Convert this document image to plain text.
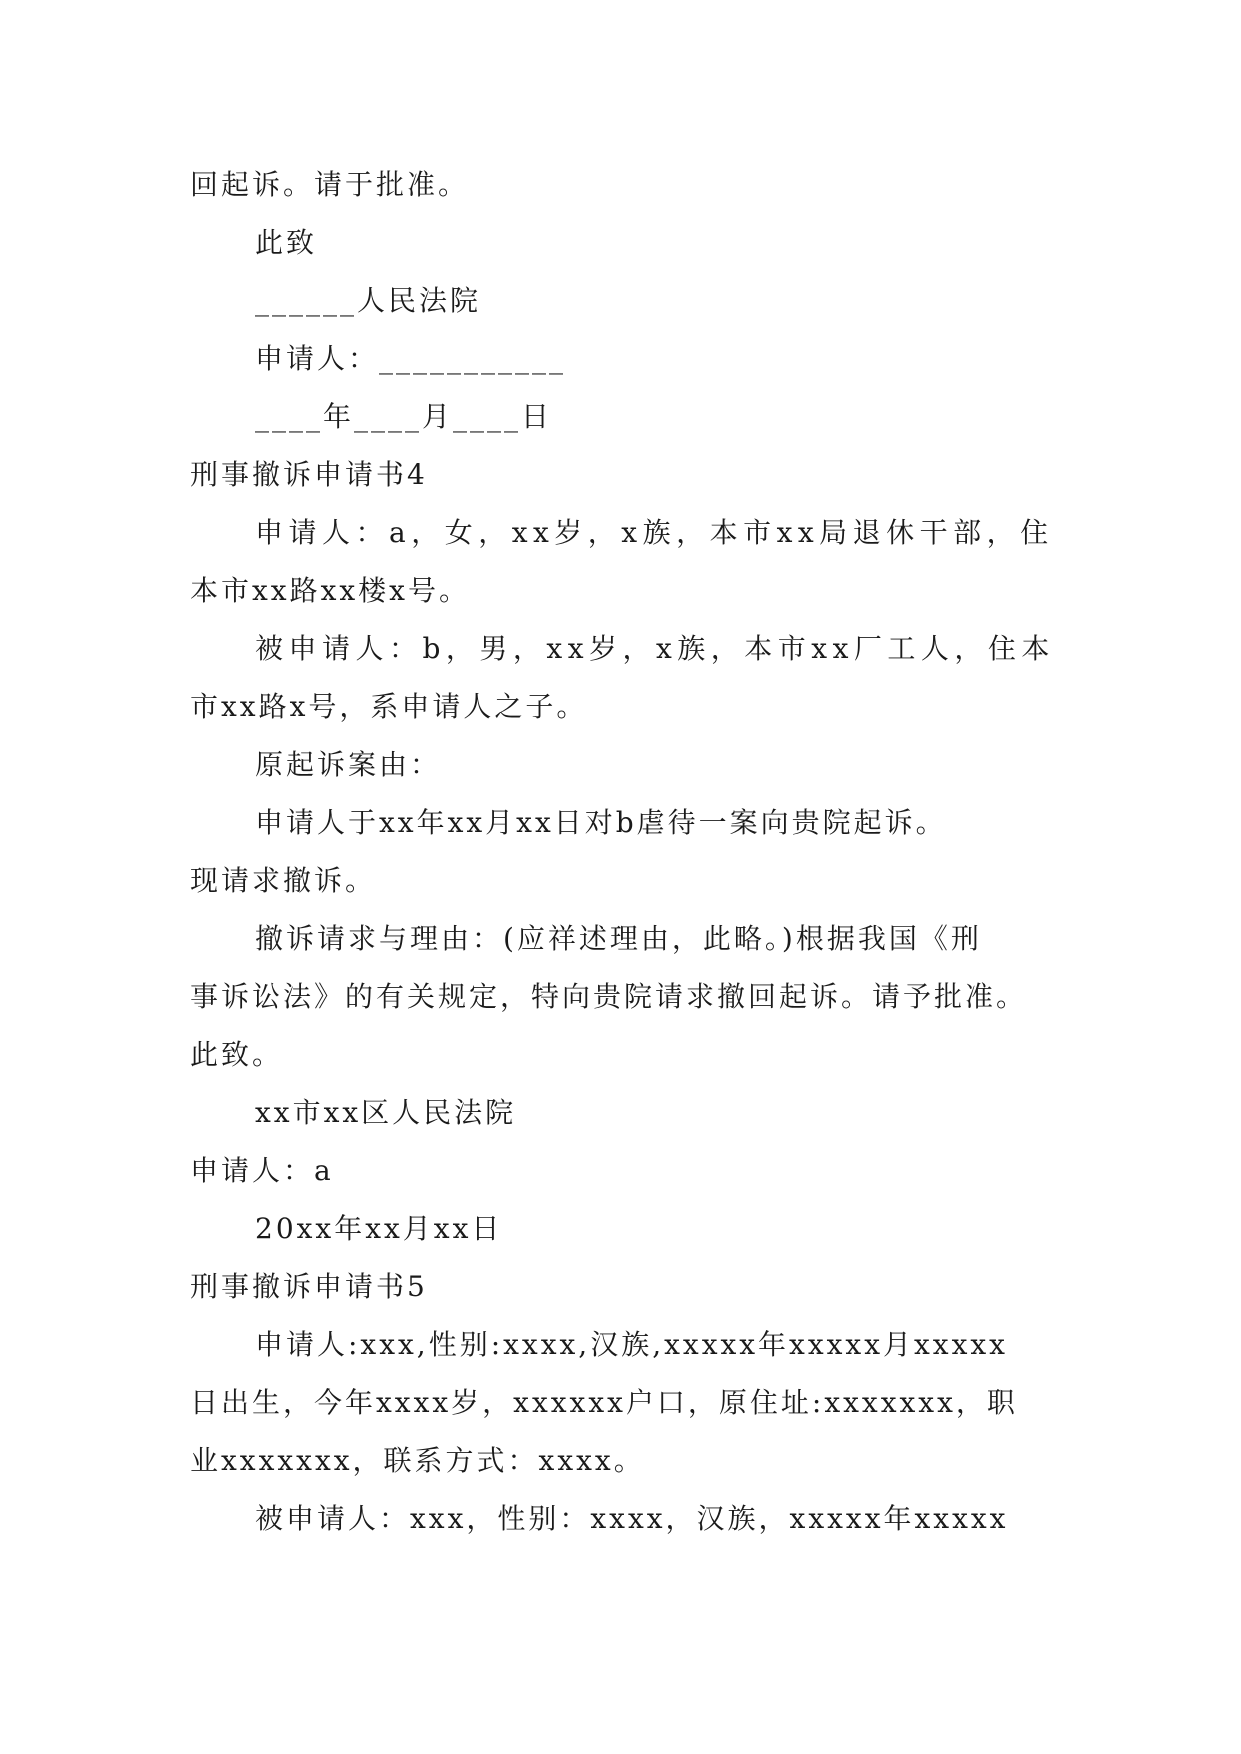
回起诉。请于批准。
此致
______人民法院
申请人：___________
____年____月____日
刑事撤诉申请书4
申请人：a，女，xx岁，x族，本市xx局退休干部，住
本市xx路xx楼x号。
被申请人：b，男，xx岁，x族，本市xx厂工人，住本
市xx路x号，系申请人之子。
原起诉案由：
申请人于xx年xx月xx日对b虐待一案向贵院起诉。
现请求撤诉。
撤诉请求与理由：(应祥述理由，此略。)根据我国《刑
事诉讼法》的有关规定，特向贵院请求撤回起诉。请予批准。
此致。
xx市xx区人民法院
申请人：a
20xx年xx月xx日
刑事撤诉申请书5
申请人:xxx,性别:xxxx,汉族,xxxxx年xxxxx月xxxxx
日出生，今年xxxx岁，xxxxxx户口，原住址:xxxxxxx，职
业xxxxxxx，联系方式：xxxx。
被申请人：xxx，性别：xxxx，汉族，xxxxx年xxxxx
